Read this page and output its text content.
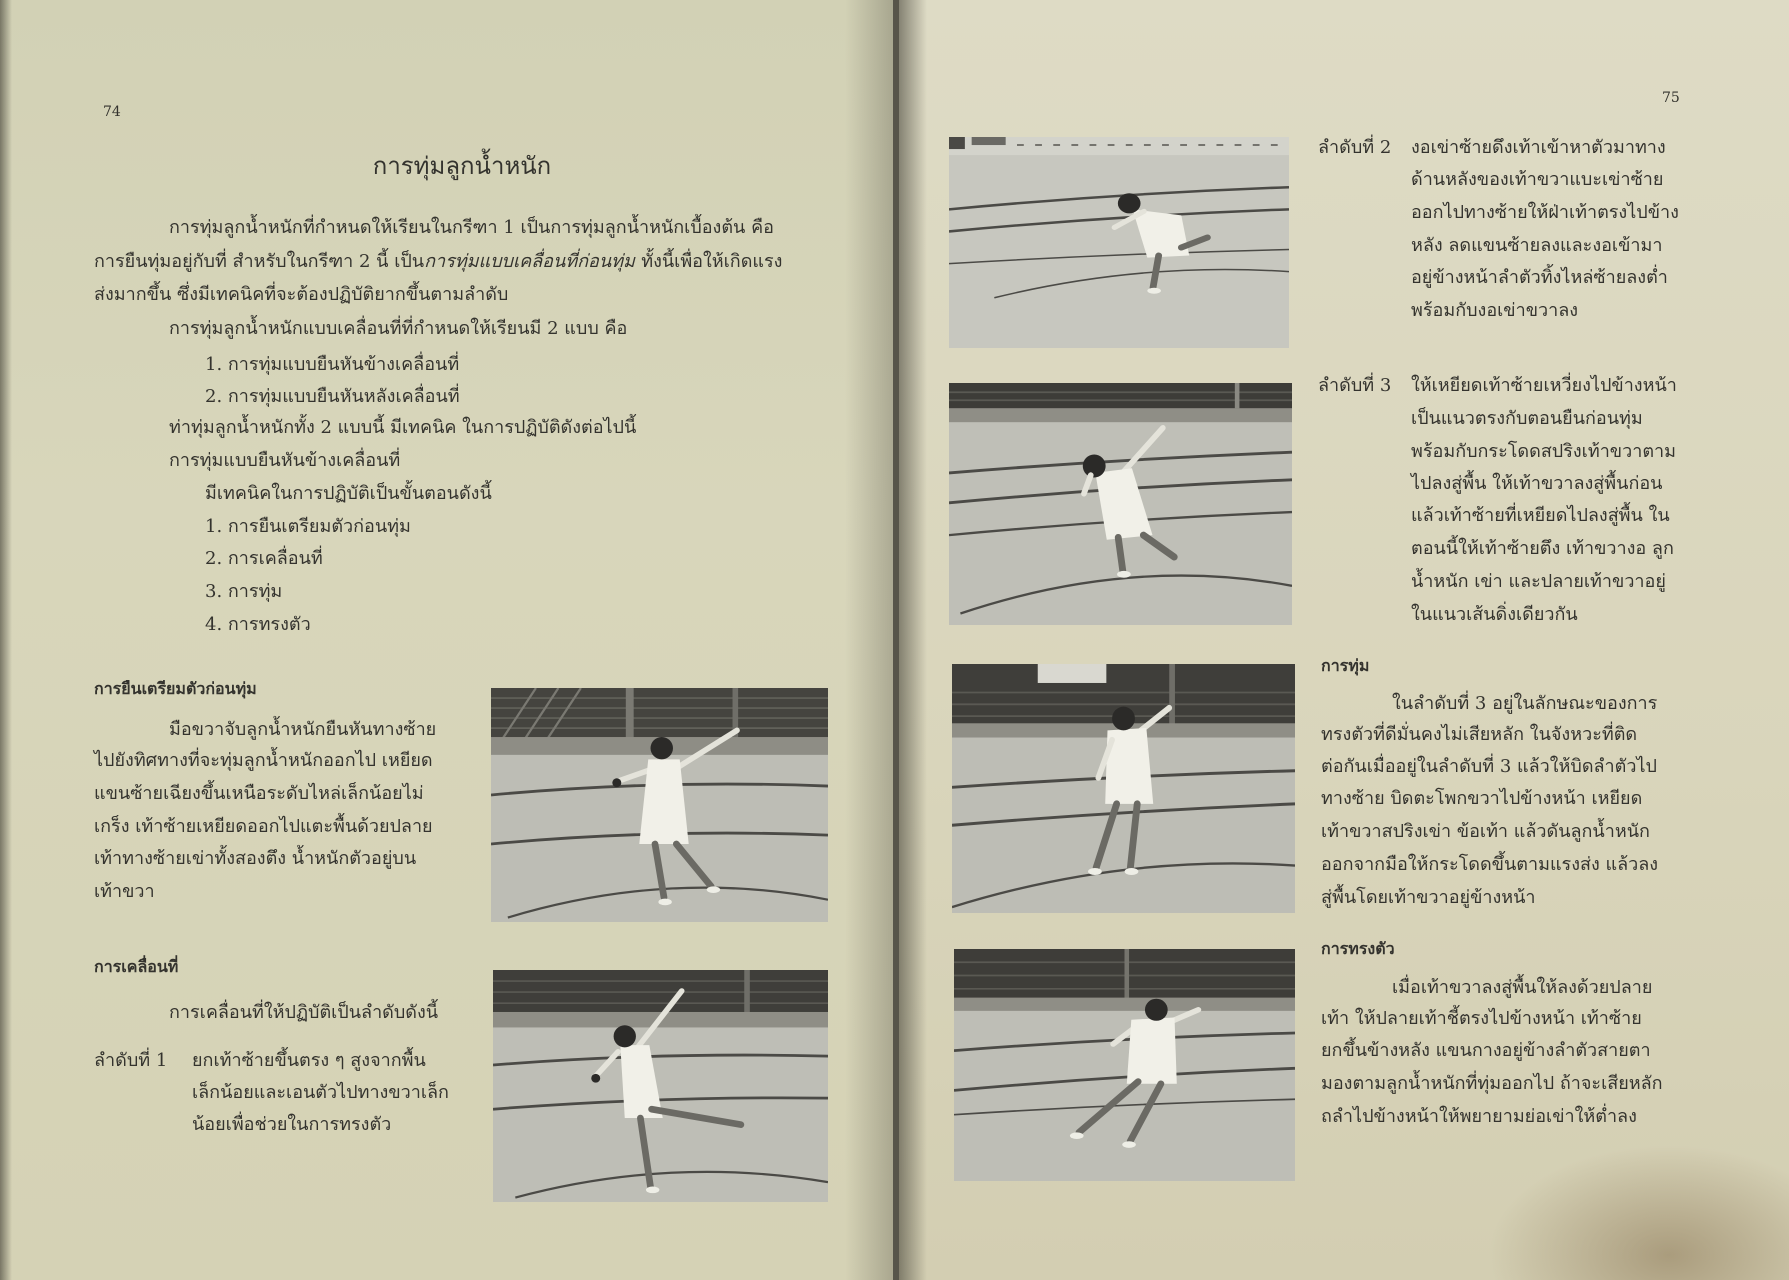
74
การทุ่มลูกน้ำหนัก
การทุ่มลูกน้ำหนักที่กำหนดให้เรียนในกรีฑา 1 เป็นการทุ่มลูกน้ำหนักเบื้องต้น คือ
การยืนทุ่มอยู่กับที่ สำหรับในกรีฑา 2 นี้ เป็นการทุ่มแบบเคลื่อนที่ก่อนทุ่ม ทั้งนี้เพื่อให้เกิดแรง
ส่งมากขึ้น ซึ่งมีเทคนิคที่จะต้องปฏิบัติยากขึ้นตามลำดับ
การทุ่มลูกน้ำหนักแบบเคลื่อนที่ที่กำหนดให้เรียนมี 2 แบบ คือ
1. การทุ่มแบบยืนหันข้างเคลื่อนที่
2. การทุ่มแบบยืนหันหลังเคลื่อนที่
ท่าทุ่มลูกน้ำหนักทั้ง 2 แบบนี้ มีเทคนิค ในการปฏิบัติดังต่อไปนี้
การทุ่มแบบยืนหันข้างเคลื่อนที่
มีเทคนิคในการปฏิบัติเป็นขั้นตอนดังนี้
1. การยืนเตรียมตัวก่อนทุ่ม
2. การเคลื่อนที่
3. การทุ่ม
4. การทรงตัว
การยืนเตรียมตัวก่อนทุ่ม
มือขวาจับลูกน้ำหนักยืนหันทางซ้าย
ไปยังทิศทางที่จะทุ่มลูกน้ำหนักออกไป เหยียด
แขนซ้ายเฉียงขึ้นเหนือระดับไหล่เล็กน้อยไม่
เกร็ง เท้าซ้ายเหยียดออกไปแตะพื้นด้วยปลาย
เท้าทางซ้ายเข่าทั้งสองตึง น้ำหนักตัวอยู่บน
เท้าขวา
การเคลื่อนที่
การเคลื่อนที่ให้ปฏิบัติเป็นลำดับดังนี้
ลำดับที่ 1 ยกเท้าซ้ายขึ้นตรง ๆ สูงจากพื้น
เล็กน้อยและเอนตัวไปทางขวาเล็ก
น้อยเพื่อช่วยในการทรงตัว
75
ลำดับที่ 2 งอเข่าซ้ายดึงเท้าเข้าหาตัวมาทาง
ด้านหลังของเท้าขวาแบะเข่าซ้าย
ออกไปทางซ้ายให้ฝ่าเท้าตรงไปข้าง
หลัง ลดแขนซ้ายลงและงอเข้ามา
อยู่ข้างหน้าลำตัวทิ้งไหล่ซ้ายลงต่ำ
พร้อมกับงอเข่าขวาลง
ลำดับที่ 3 ให้เหยียดเท้าซ้ายเหวี่ยงไปข้างหน้า
เป็นแนวตรงกับตอนยืนก่อนทุ่ม
พร้อมกับกระโดดสปริงเท้าขวาตาม
ไปลงสู่พื้น ให้เท้าขวาลงสู่พื้นก่อน
แล้วเท้าซ้ายที่เหยียดไปลงสู่พื้น ใน
ตอนนี้ให้เท้าซ้ายตึง เท้าขวางอ ลูก
น้ำหนัก เข่า และปลายเท้าขวาอยู่
ในแนวเส้นดิ่งเดียวกัน
การทุ่ม
ในลำดับที่ 3 อยู่ในลักษณะของการ
ทรงตัวที่ดีมั่นคงไม่เสียหลัก ในจังหวะที่ติด
ต่อกันเมื่ออยู่ในลำดับที่ 3 แล้วให้บิดลำตัวไป
ทางซ้าย บิดตะโพกขวาไปข้างหน้า เหยียด
เท้าขวาสปริงเข่า ข้อเท้า แล้วดันลูกน้ำหนัก
ออกจากมือให้กระโดดขึ้นตามแรงส่ง แล้วลง
สู่พื้นโดยเท้าขวาอยู่ข้างหน้า
การทรงตัว
เมื่อเท้าขวาลงสู่พื้นให้ลงด้วยปลาย
เท้า ให้ปลายเท้าชี้ตรงไปข้างหน้า เท้าซ้าย
ยกขึ้นข้างหลัง แขนกางอยู่ข้างลำตัวสายตา
มองตามลูกน้ำหนักที่ทุ่มออกไป ถ้าจะเสียหลัก
ถลำไปข้างหน้าให้พยายามย่อเข่าให้ต่ำลง
